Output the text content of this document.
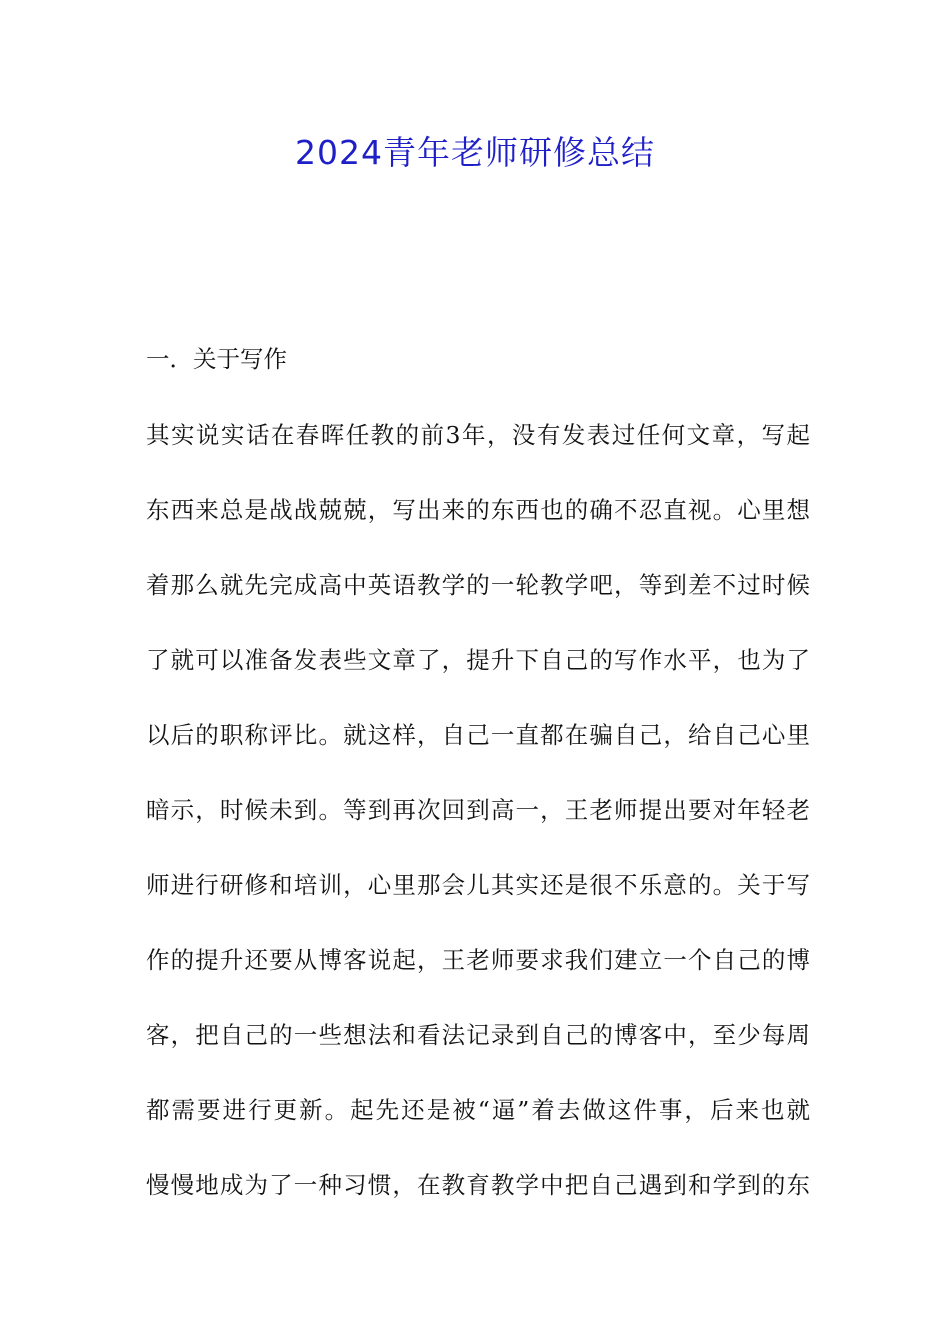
2024青年老师研修总结
一．关于写作
其实说实话在春晖任教的前3年，没有发表过任何文章，写起
东西来总是战战兢兢，写出来的东西也的确不忍直视。心里想
着那么就先完成高中英语教学的一轮教学吧，等到差不过时候
了就可以准备发表些文章了，提升下自己的写作水平，也为了
以后的职称评比。就这样，自己一直都在骗自己，给自己心里
暗示，时候未到。等到再次回到高一，王老师提出要对年轻老
师进行研修和培训，心里那会儿其实还是很不乐意的。关于写
作的提升还要从博客说起，王老师要求我们建立一个自己的博
客，把自己的一些想法和看法记录到自己的博客中，至少每周
都需要进行更新。起先还是被“逼”着去做这件事，后来也就
慢慢地成为了一种习惯，在教育教学中把自己遇到和学到的东
